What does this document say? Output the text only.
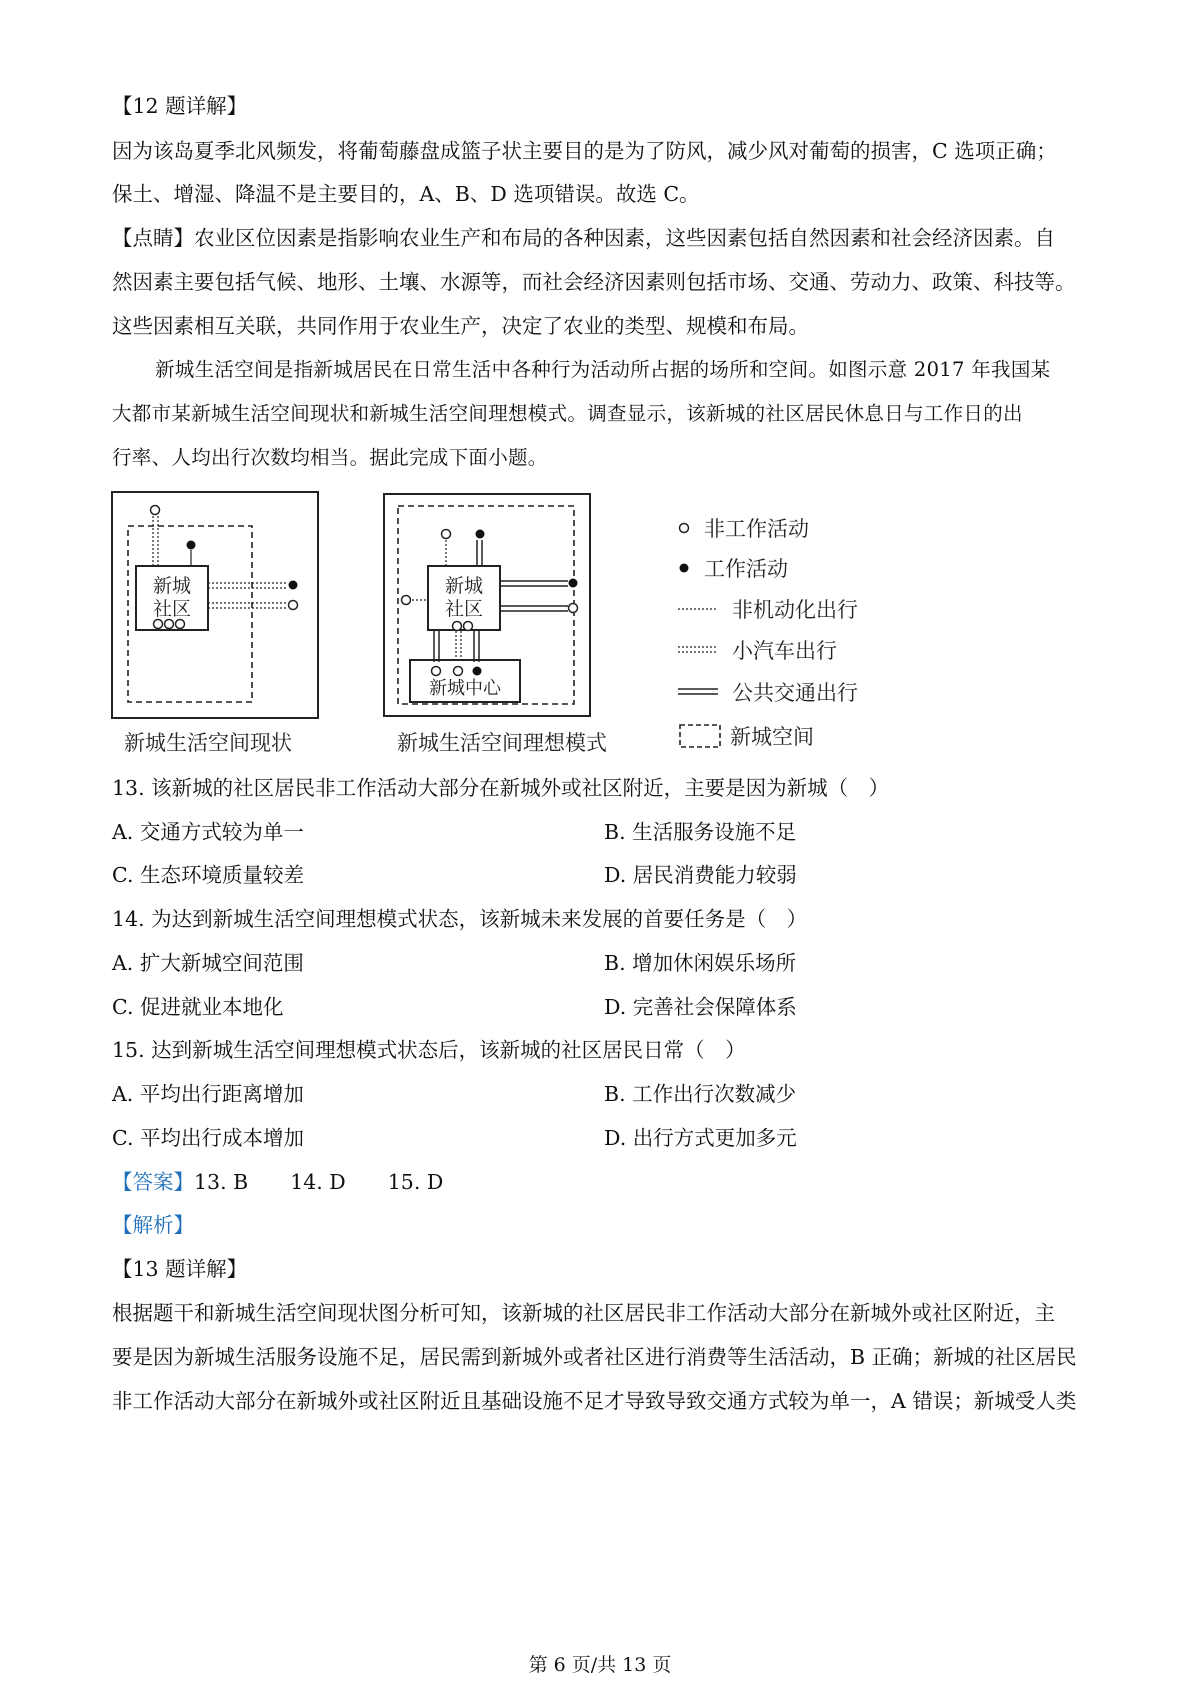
【12 题详解】
因为该岛夏季北风频发，将葡萄藤盘成篮子状主要目的是为了防风，减少风对葡萄的损害，C 选项正确；
保土、增湿、降温不是主要目的，A、B、D 选项错误。故选 C。
【点睛】农业区位因素是指影响农业生产和布局的各种因素，这些因素包括自然因素和社会经济因素。自
然因素主要包括气候、地形、土壤、水源等，而社会经济因素则包括市场、交通、劳动力、政策、科技等。
这些因素相互关联，共同作用于农业生产，决定了农业的类型、规模和布局。
新城生活空间是指新城居民在日常生活中各种行为活动所占据的场所和空间。如图示意 2017 年我国某
大都市某新城生活空间现状和新城生活空间理想模式。调查显示，该新城的社区居民休息日与工作日的出
行率、人均出行次数均相当。据此完成下面小题。
新城
社区
新城生活空间现状
新城
社区
新城中心
新城生活空间理想模式
非工作活动
工作活动
非机动化出行
小汽车出行
公共交通出行
新城空间
13. 该新城的社区居民非工作活动大部分在新城外或社区附近，主要是因为新城（　）
A. 交通方式较为单一	B. 生活服务设施不足
C. 生态环境质量较差	D. 居民消费能力较弱
14. 为达到新城生活空间理想模式状态，该新城未来发展的首要任务是（　）
A. 扩大新城空间范围	B. 增加休闲娱乐场所
C. 促进就业本地化	D. 完善社会保障体系
15. 达到新城生活空间理想模式状态后，该新城的社区居民日常（　）
A. 平均出行距离增加	B. 工作出行次数减少
C. 平均出行成本增加	D. 出行方式更加多元
【答案】13. B 14. D 15. D
【解析】
【13 题详解】
根据题干和新城生活空间现状图分析可知，该新城的社区居民非工作活动大部分在新城外或社区附近，主
要是因为新城生活服务设施不足，居民需到新城外或者社区进行消费等生活活动，B 正确；新城的社区居民
非工作活动大部分在新城外或社区附近且基础设施不足才导致导致交通方式较为单一，A 错误；新城受人类
第 6 页/共 13 页
